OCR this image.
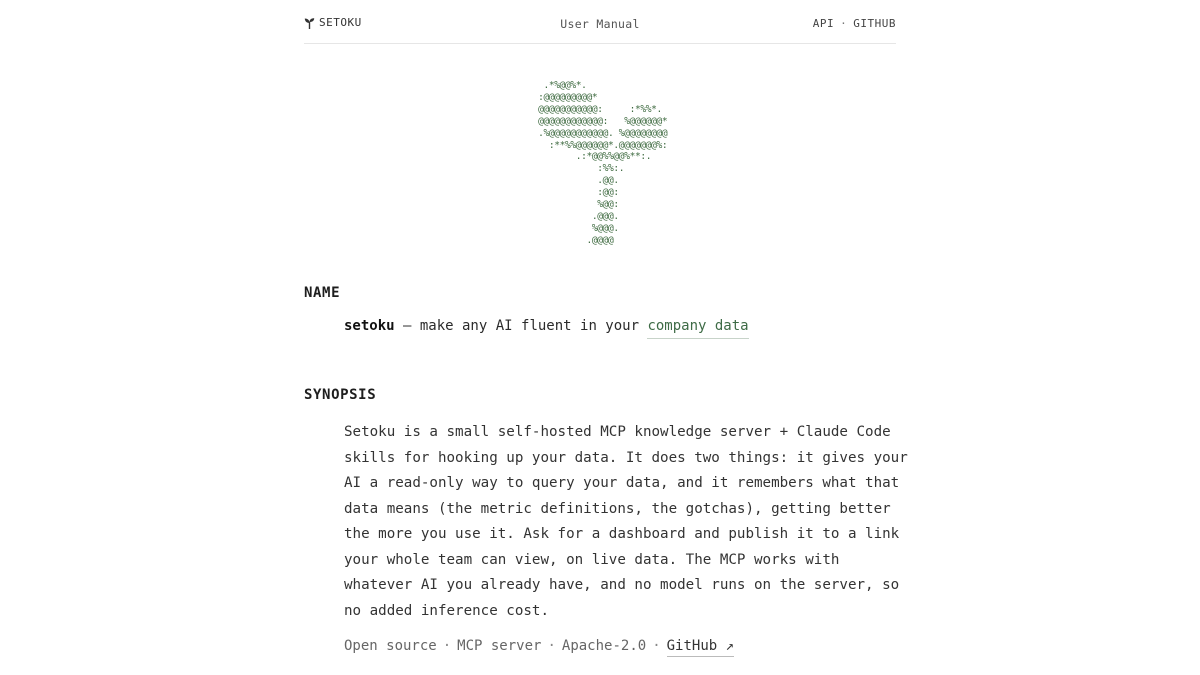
SETOKU	User Manual	API · GITHUB
.*%@@%*.
:@@@@@@@@@*
@@@@@@@@@@@:     :*%%*.
@@@@@@@@@@@@:   %@@@@@@*
.%@@@@@@@@@@@. %@@@@@@@@
:**%%@@@@@@*.@@@@@@@%:
.:*@@%%@@%**:.
:%%:.
.@@.
:@@:
%@@:
.@@@.
%@@@.
.@@@@
NAME
setoku — make any AI fluent in your company data
SYNOPSIS

Setoku is a small self-hosted MCP knowledge server + Claude Code

skills for hooking up your data. It does two things: it gives your

AI a read-only way to query your data, and it remembers what that

data means (the metric definitions, the gotchas), getting better

the more you use it. Ask for a dashboard and publish it to a link

your whole team can view, on live data. The MCP works with

whatever AI you already have, and no model runs on the server, so

no added inference cost.

Open source · MCP server · Apache-2.0 · GitHub ↗
